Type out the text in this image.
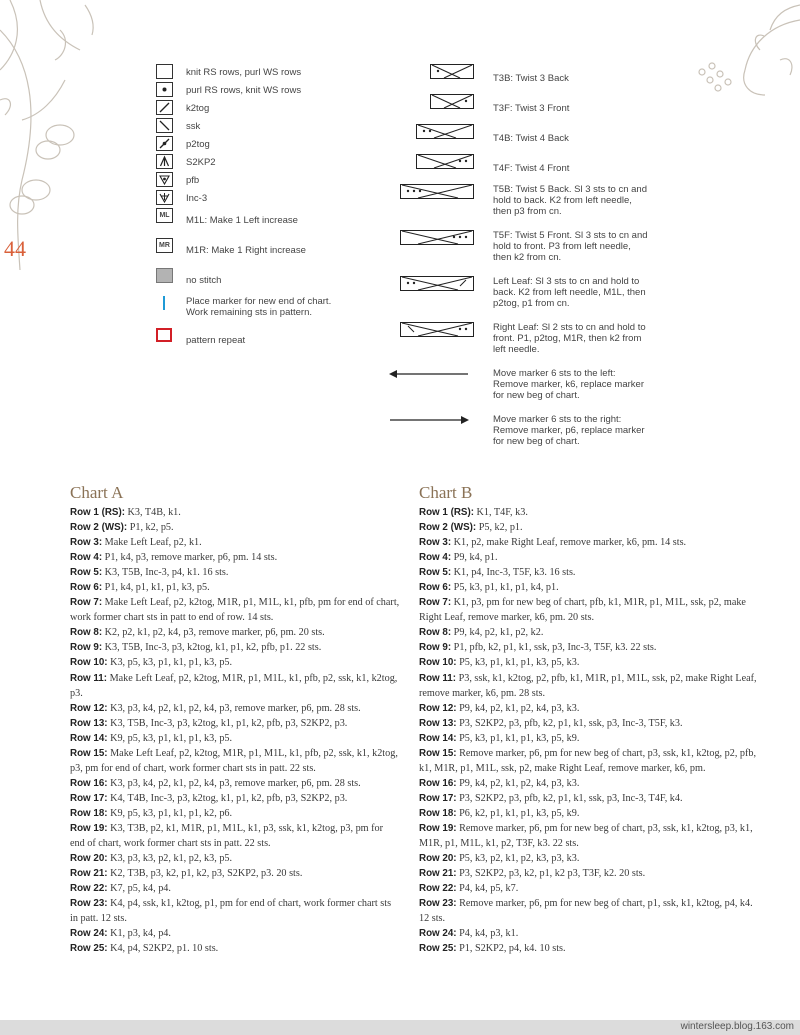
44
knit RS rows, purl WS rows
purl RS rows, knit WS rows
k2tog
ssk
p2tog
S2KP2
pfb
Inc-3
ML	M1L: Make 1 Left increase
MR	M1R: Make 1 Right increase
no stitch
Place marker for new end of chart.
Work remaining sts in pattern.
pattern repeat
T3B: Twist 3 Back
T3F: Twist 3 Front
T4B: Twist 4 Back
T4F: Twist 4 Front
T5B: Twist 5 Back. Sl 3 sts to cn and
hold to back. K2 from left needle,
then p3 from cn.
T5F: Twist 5 Front. Sl 3 sts to cn and
hold to front. P3 from left needle,
then k2 from cn.
Left Leaf: Sl 3 sts to cn and hold to
back. K2 from left needle, M1L, then
p2tog, p1 from cn.
Right Leaf: Sl 2 sts to cn and hold to
front. P1, p2tog, M1R, then k2 from
left needle.
Move marker 6 sts to the left:
Remove marker, k6, replace marker
for new beg of chart.
Move marker 6 sts to the right:
Remove marker, p6, replace marker
for new beg of chart.
Chart A
Row 1 (RS): K3, T4B, k1.
Row 2 (WS): P1, k2, p5.
Row 3: Make Left Leaf, p2, k1.
Row 4: P1, k4, p3, remove marker, p6, pm. 14 sts.
Row 5: K3, T5B, Inc-3, p4, k1. 16 sts.
Row 6: P1, k4, p1, k1, p1, k3, p5.
Row 7: Make Left Leaf, p2, k2tog, M1R, p1, M1L, k1, pfb, pm for end of chart, work former chart sts in patt to end of row. 14 sts.
Row 8: K2, p2, k1, p2, k4, p3, remove marker, p6, pm. 20 sts.
Row 9: K3, T5B, Inc-3, p3, k2tog, k1, p1, k2, pfb, p1. 22 sts.
Row 10: K3, p5, k3, p1, k1, p1, k3, p5.
Row 11: Make Left Leaf, p2, k2tog, M1R, p1, M1L, k1, pfb, p2, ssk, k1, k2tog, p3.
Row 12: K3, p3, k4, p2, k1, p2, k4, p3, remove marker, p6, pm. 28 sts.
Row 13: K3, T5B, Inc-3, p3, k2tog, k1, p1, k2, pfb, p3, S2KP2, p3.
Row 14: K9, p5, k3, p1, k1, p1, k3, p5.
Row 15: Make Left Leaf, p2, k2tog, M1R, p1, M1L, k1, pfb, p2, ssk, k1, k2tog, p3, pm for end of chart, work former chart sts in patt. 22 sts.
Row 16: K3, p3, k4, p2, k1, p2, k4, p3, remove marker, p6, pm. 28 sts.
Row 17: K4, T4B, Inc-3, p3, k2tog, k1, p1, k2, pfb, p3, S2KP2, p3.
Row 18: K9, p5, k3, p1, k1, p1, k2, p6.
Row 19: K3, T3B, p2, k1, M1R, p1, M1L, k1, p3, ssk, k1, k2tog, p3, pm for end of chart, work former chart sts in patt. 22 sts.
Row 20: K3, p3, k3, p2, k1, p2, k3, p5.
Row 21: K2, T3B, p3, k2, p1, k2, p3, S2KP2, p3. 20 sts.
Row 22: K7, p5, k4, p4.
Row 23: K4, p4, ssk, k1, k2tog, p1, pm for end of chart, work former chart sts in patt. 12 sts.
Row 24: K1, p3, k4, p4.
Row 25: K4, p4, S2KP2, p1. 10 sts.
Chart B
Row 1 (RS): K1, T4F, k3.
Row 2 (WS): P5, k2, p1.
Row 3: K1, p2, make Right Leaf, remove marker, k6, pm. 14 sts.
Row 4: P9, k4, p1.
Row 5: K1, p4, Inc-3, T5F, k3. 16 sts.
Row 6: P5, k3, p1, k1, p1, k4, p1.
Row 7: K1, p3, pm for new beg of chart, pfb, k1, M1R, p1, M1L, ssk, p2, make Right Leaf, remove marker, k6, pm. 20 sts.
Row 8: P9, k4, p2, k1, p2, k2.
Row 9: P1, pfb, k2, p1, k1, ssk, p3, Inc-3, T5F, k3. 22 sts.
Row 10: P5, k3, p1, k1, p1, k3, p5, k3.
Row 11: P3, ssk, k1, k2tog, p2, pfb, k1, M1R, p1, M1L, ssk, p2, make Right Leaf, remove marker, k6, pm. 28 sts.
Row 12: P9, k4, p2, k1, p2, k4, p3, k3.
Row 13: P3, S2KP2, p3, pfb, k2, p1, k1, ssk, p3, Inc-3, T5F, k3.
Row 14: P5, k3, p1, k1, p1, k3, p5, k9.
Row 15: Remove marker, p6, pm for new beg of chart, p3, ssk, k1, k2tog, p2, pfb, k1, M1R, p1, M1L, ssk, p2, make Right Leaf, remove marker, k6, pm.
Row 16: P9, k4, p2, k1, p2, k4, p3, k3.
Row 17: P3, S2KP2, p3, pfb, k2, p1, k1, ssk, p3, Inc-3, T4F, k4.
Row 18: P6, k2, p1, k1, p1, k3, p5, k9.
Row 19: Remove marker, p6, pm for new beg of chart, p3, ssk, k1, k2tog, p3, k1, M1R, p1, M1L, k1, p2, T3F, k3. 22 sts.
Row 20: P5, k3, p2, k1, p2, k3, p3, k3.
Row 21: P3, S2KP2, p3, k2, p1, k2 p3, T3F, k2. 20 sts.
Row 22: P4, k4, p5, k7.
Row 23: Remove marker, p6, pm for new beg of chart, p1, ssk, k1, k2tog, p4, k4. 12 sts.
Row 24: P4, k4, p3, k1.
Row 25: P1, S2KP2, p4, k4. 10 sts.
wintersleep.blog.163.com
